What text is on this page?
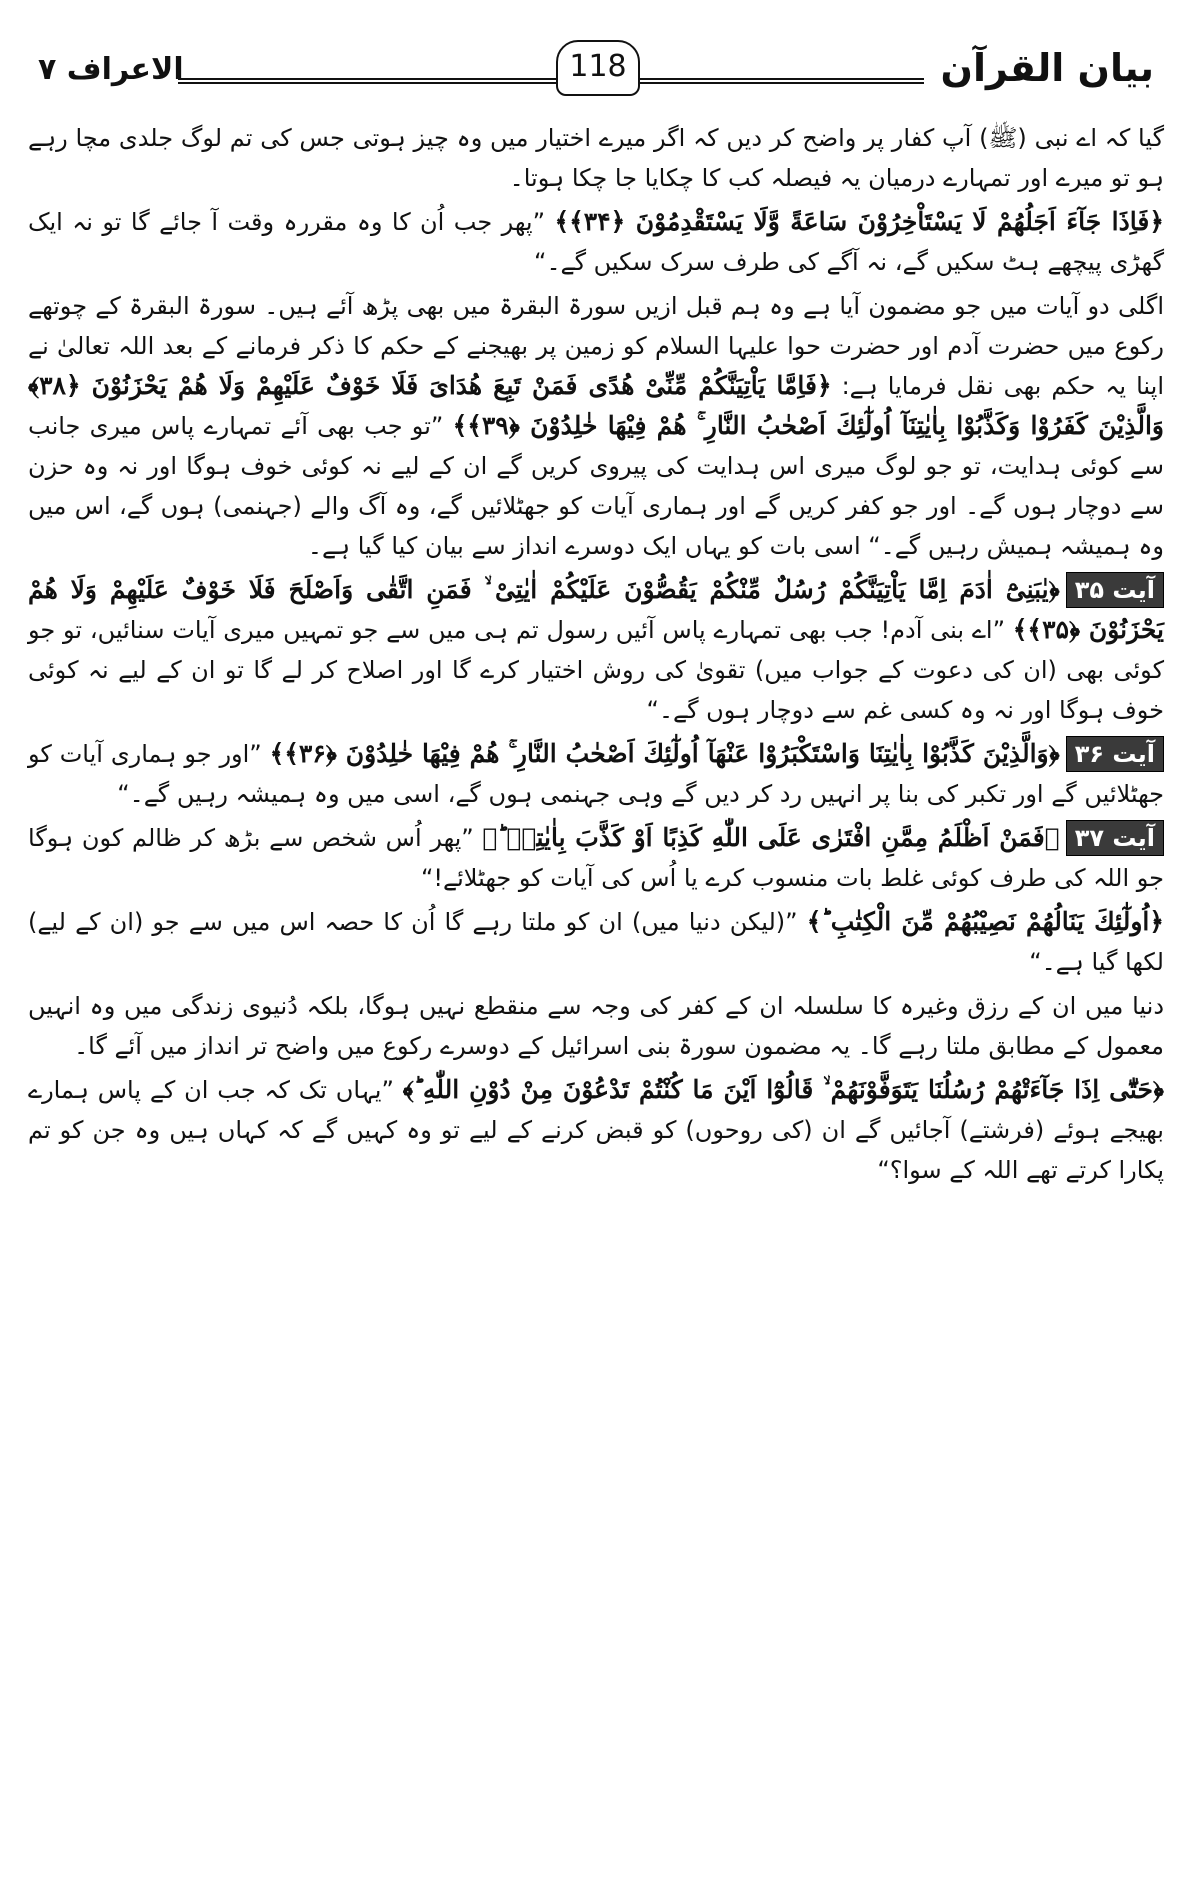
بیان القرآن
118
الاعراف ۷

گیا کہ اے نبی (ﷺ) آپ کفار پر واضح کر دیں کہ اگر میرے اختیار میں وہ چیز ہوتی جس کی تم لوگ جلدی مچا رہے ہو تو میرے اور تمہارے درمیان یہ فیصلہ کب کا چکایا جا چکا ہوتا۔

﴿فَاِذَا جَآءَ اَجَلُهُمْ لَا یَسْتَاْخِرُوْنَ سَاعَةً وَّلَا یَسْتَقْدِمُوْنَ ﴿۳۴﴾﴾ ”پھر جب اُن کا وہ مقررہ وقت آ جائے گا تو نہ ایک گھڑی پیچھے ہٹ سکیں گے، نہ آگے کی طرف سرک سکیں گے۔“

اگلی دو آیات میں جو مضمون آیا ہے وہ ہم قبل ازیں سورۃ البقرۃ میں بھی پڑھ آئے ہیں۔ سورۃ البقرۃ کے چوتھے رکوع میں حضرت آدم اور حضرت حوا علیہا السلام کو زمین پر بھیجنے کے حکم کا ذکر فرمانے کے بعد اللہ تعالیٰ نے اپنا یہ حکم بھی نقل فرمایا ہے: ﴿فَاِمَّا یَاْتِیَنَّكُمْ مِّنِّیْ هُدًی فَمَنْ تَبِعَ هُدَایَ فَلَا خَوْفٌ عَلَیْهِمْ وَلَا هُمْ یَحْزَنُوْنَ ﴿۳۸﴾ وَالَّذِیْنَ كَفَرُوْا وَكَذَّبُوْا بِاٰیٰتِنَآ اُولٰٓئِكَ اَصْحٰبُ النَّارِ ۚ هُمْ فِیْهَا خٰلِدُوْنَ ﴿۳۹﴾﴾ ”تو جب بھی آئے تمہارے پاس میری جانب سے کوئی ہدایت، تو جو لوگ میری اس ہدایت کی پیروی کریں گے ان کے لیے نہ کوئی خوف ہوگا اور نہ وہ حزن سے دوچار ہوں گے۔ اور جو کفر کریں گے اور ہماری آیات کو جھٹلائیں گے، وہ آگ والے (جہنمی) ہوں گے، اس میں وہ ہمیشہ ہمیش رہیں گے۔“ اسی بات کو یہاں ایک دوسرے انداز سے بیان کیا گیا ہے۔

آیت ۳۵﴿یٰبَنِیْٓ اٰدَمَ اِمَّا یَاْتِیَنَّكُمْ رُسُلٌ مِّنْكُمْ یَقُصُّوْنَ عَلَیْكُمْ اٰیٰتِیْ ۙ فَمَنِ اتَّقٰی وَاَصْلَحَ فَلَا خَوْفٌ عَلَیْهِمْ وَلَا هُمْ یَحْزَنُوْنَ ﴿۳۵﴾﴾ ”اے بنی آدم! جب بھی تمہارے پاس آئیں رسول تم ہی میں سے جو تمہیں میری آیات سنائیں، تو جو کوئی بھی (ان کی دعوت کے جواب میں) تقویٰ کی روش اختیار کرے گا اور اصلاح کر لے گا تو ان کے لیے نہ کوئی خوف ہوگا اور نہ وہ کسی غم سے دوچار ہوں گے۔“

آیت ۳۶﴿وَالَّذِیْنَ كَذَّبُوْا بِاٰیٰتِنَا وَاسْتَكْبَرُوْا عَنْهَآ اُولٰٓئِكَ اَصْحٰبُ النَّارِ ۚ هُمْ فِیْهَا خٰلِدُوْنَ ﴿۳۶﴾﴾ ”اور جو ہماری آیات کو جھٹلائیں گے اور تکبر کی بنا پر انہیں رد کر دیں گے وہی جہنمی ہوں گے، اسی میں وہ ہمیشہ رہیں گے۔“

آیت ۳۷﴿فَمَنْ اَظْلَمُ مِمَّنِ افْتَرٰی عَلَی اللّٰهِ كَذِبًا اَوْ كَذَّبَ بِاٰیٰتِهٖ ؕ﴾ ”پھر اُس شخص سے بڑھ کر ظالم کون ہوگا جو اللہ کی طرف کوئی غلط بات منسوب کرے یا اُس کی آیات کو جھٹلائے!“

﴿اُولٰٓئِكَ یَنَالُهُمْ نَصِیْبُهُمْ مِّنَ الْكِتٰبِ ؕ﴾ ”(لیکن دنیا میں) ان کو ملتا رہے گا اُن کا حصہ اس میں سے جو (ان کے لیے) لکھا گیا ہے۔“

دنیا میں ان کے رزق وغیرہ کا سلسلہ ان کے کفر کی وجہ سے منقطع نہیں ہوگا، بلکہ دُنیوی زندگی میں وہ انہیں معمول کے مطابق ملتا رہے گا۔ یہ مضمون سورۃ بنی اسرائیل کے دوسرے رکوع میں واضح تر انداز میں آئے گا۔

﴿حَتّٰٓی اِذَا جَآءَتْهُمْ رُسُلُنَا یَتَوَفَّوْنَهُمْ ۙ قَالُوْٓا اَیْنَ مَا كُنْتُمْ تَدْعُوْنَ مِنْ دُوْنِ اللّٰهِ ؕ﴾ ”یہاں تک کہ جب ان کے پاس ہمارے بھیجے ہوئے (فرشتے) آجائیں گے ان (کی روحوں) کو قبض کرنے کے لیے تو وہ کہیں گے کہ کہاں ہیں وہ جن کو تم پکارا کرتے تھے اللہ کے سوا؟“
